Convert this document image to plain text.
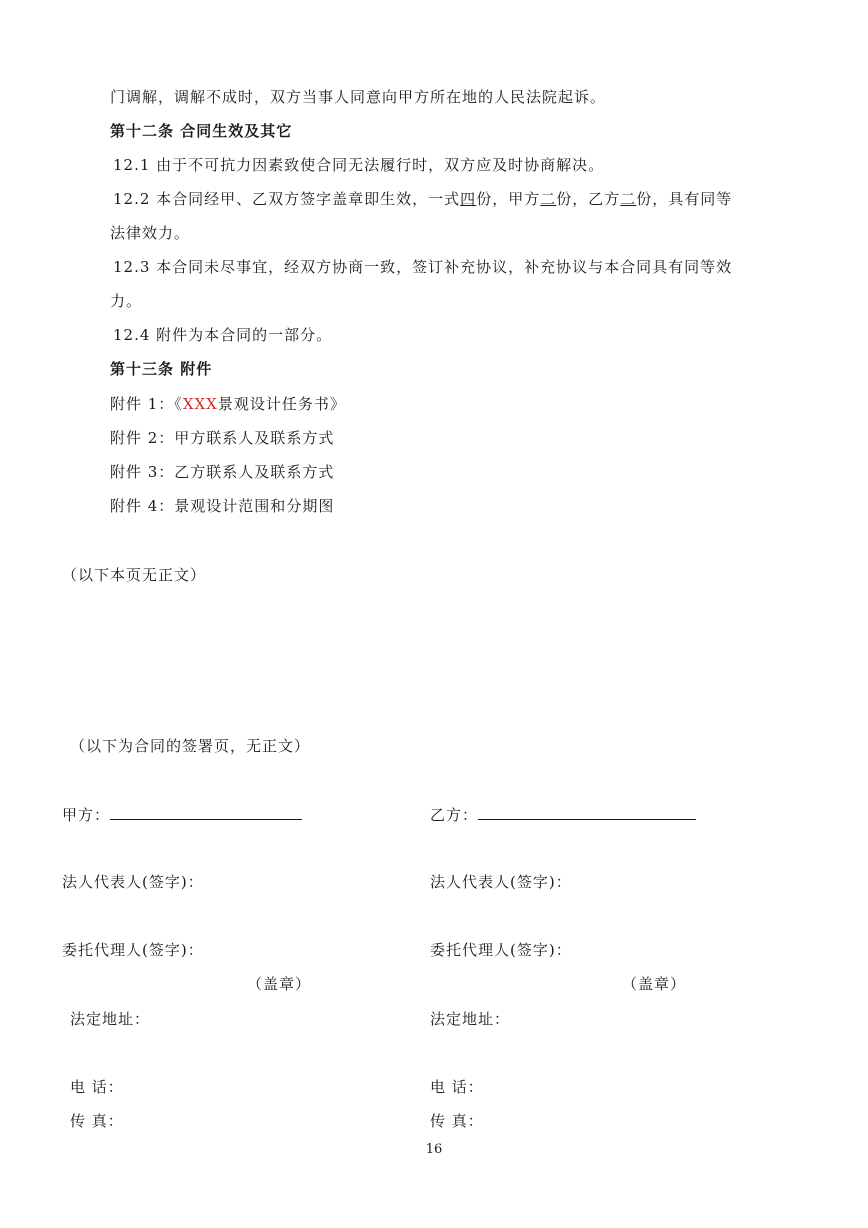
门调解，调解不成时，双方当事人同意向甲方所在地的人民法院起诉。
第十二条 合同生效及其它
12.1 由于不可抗力因素致使合同无法履行时，双方应及时协商解决。
12.2 本合同经甲、乙双方签字盖章即生效，一式四份，甲方二份，乙方二份，具有同等
法律效力。
12.3 本合同未尽事宜，经双方协商一致，签订补充协议，补充协议与本合同具有同等效
力。
12.4 附件为本合同的一部分。
第十三条 附件
附件 1：《XXX景观设计任务书》
附件 2：甲方联系人及联系方式
附件 3：乙方联系人及联系方式
附件 4：景观设计范围和分期图
（以下本页无正文）
（以下为合同的签署页，无正文）
甲方：
法人代表人(签字)：
委托代理人(签字)：
（盖章）
法定地址：
电 话：
传 真：
乙方：
法人代表人(签字)：
委托代理人(签字)：
（盖章）
法定地址：
电 话：
传 真：
16
